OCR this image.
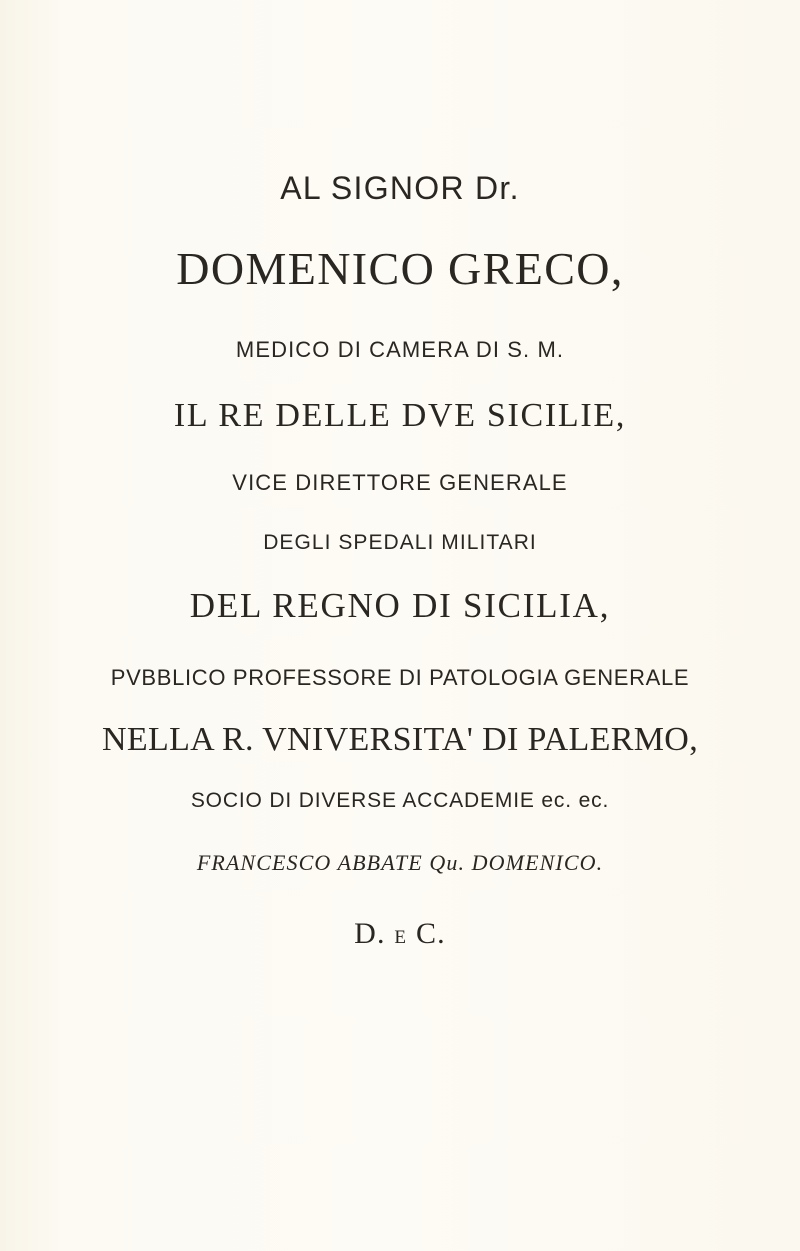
AL SIGNOR Dr.
DOMENICO GRECO,
MEDICO DI CAMERA DI S. M.
IL RE DELLE DVE SICILIE,
VICE DIRETTORE GENERALE
DEGLI SPEDALI MILITARI
DEL REGNO DI SICILIA,
PVBBLICO PROFESSORE DI PATOLOGIA GENERALE
NELLA R. VNIVERSITA' DI PALERMO,
SOCIO DI DIVERSE ACCADEMIE ec. ec.
FRANCESCO ABBATE Qu. DOMENICO.
D. E C.
